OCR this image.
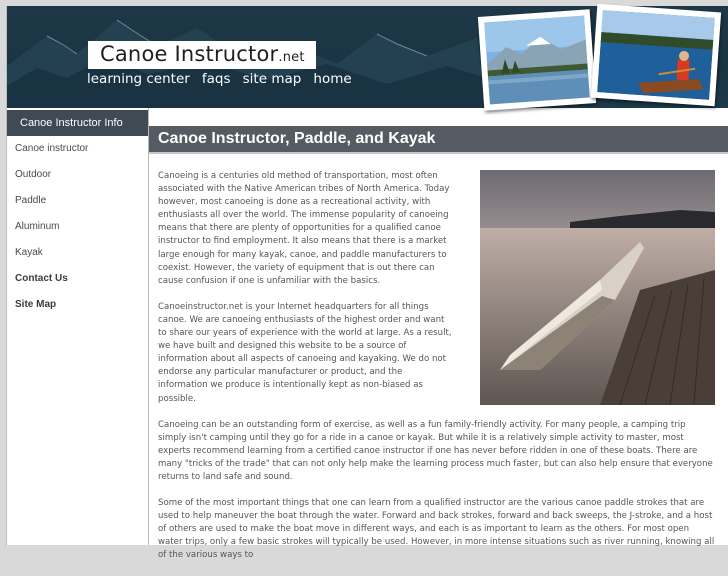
Canoe Instructor.net
learning center faqs site map home
Canoe Instructor Info
Canoe instructor
Outdoor
Paddle
Aluminum
Kayak
Contact Us
Site Map
Canoe Instructor, Paddle, and Kayak

Canoeing is a centuries old method of transportation, most often associated with the Native American tribes of North America. Today however, most canoeing is done as a recreational activity, with enthusiasts all over the world. The immense popularity of canoeing means that there are plenty of opportunities for a qualified canoe instructor to find employment. It also means that there is a market large enough for many kayak, canoe, and paddle manufacturers to coexist. However, the variety of equipment that is out there can cause confusion if one is unfamiliar with the basics.

Canoeinstructor.net is your Internet headquarters for all things canoe. We are canoeing enthusiasts of the highest order and want to share our years of experience with the world at large. As a result, we have built and designed this website to be a source of information about all aspects of canoeing and kayaking. We do not endorse any particular manufacturer or product, and the information we produce is intentionally kept as non-biased as possible.

Canoeing can be an outstanding form of exercise, as well as a fun family-friendly activity. For many people, a camping trip simply isn't camping until they go for a ride in a canoe or kayak. But while it is a relatively simple activity to master, most experts recommend learning from a certified canoe instructor if one has never before ridden in one of these boats. There are many "tricks of the trade" that can not only help make the learning process much faster, but can also help ensure that everyone returns to land safe and sound.

Some of the most important things that one can learn from a qualified instructor are the various canoe paddle strokes that are used to help maneuver the boat through the water. Forward and back strokes, forward and back sweeps, the J-stroke, and a host of others are used to make the boat move in different ways, and each is as important to learn as the others. For most open water trips, only a few basic strokes will typically be used. However, in more intense situations such as river running, knowing all of the various ways to
